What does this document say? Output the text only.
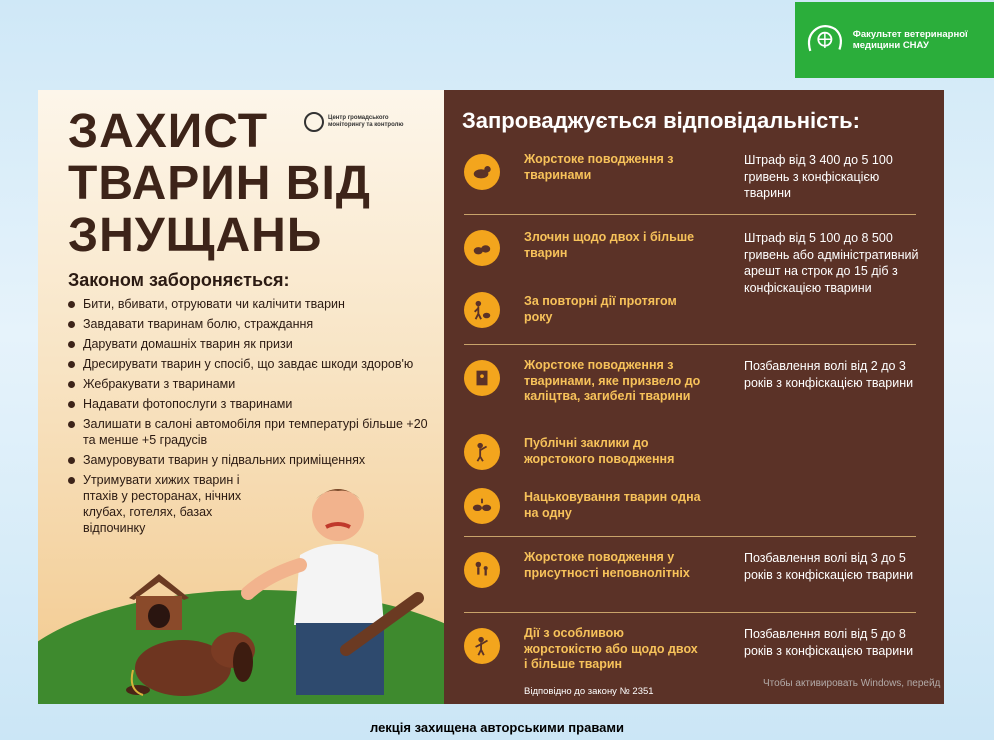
Факультет ветеринарної медицини СНАУ
ЗАХИСТ
ТВАРИН ВІД
ЗНУЩАНЬ
Центр громадського моніторингу та контролю
Законом забороняється:
Бити, вбивати, отруювати чи калічити тварин
Завдавати тваринам болю, страждання
Дарувати домашніх тварин як призи
Дресирувати тварин у спосіб, що завдає шкоди здоров'ю
Жебракувати з тваринами
Надавати фотопослуги з тваринами
Залишати в салоні автомобіля при температурі більше +20 та менше +5 градусів
Замуровувати тварин у підвальних приміщеннях
Утримувати хижих тварин і птахів у ресторанах, нічних клубах, готелях, базах відпочинку
Запроваджується відповідальність:
Жорстоке поводження з тваринами
Штраф від 3 400 до 5 100 гривень з конфіскацією тварини
Злочин щодо двох і більше тварин
Штраф від 5 100 до 8 500 гривень або адміністративний арешт на строк до 15 діб з конфіскацією тварини
За повторні дії протягом року
Жорстоке поводження з тваринами, яке призвело до каліцтва, загибелі тварини
Позбавлення волі від 2 до 3 років з конфіскацією тварини
Публічні заклики до жорстокого поводження
Нацьковування тварин одна на одну
Жорстоке поводження у присутності неповнолітніх
Позбавлення волі від 3 до 5 років з конфіскацією тварини
Дії з особливою жорстокістю або щодо двох і більше тварин
Позбавлення волі від 5 до 8 років з конфіскацією тварини
Відповідно до закону № 2351
Чтобы активировать Windows, перейд
лекція захищена авторськими правами
